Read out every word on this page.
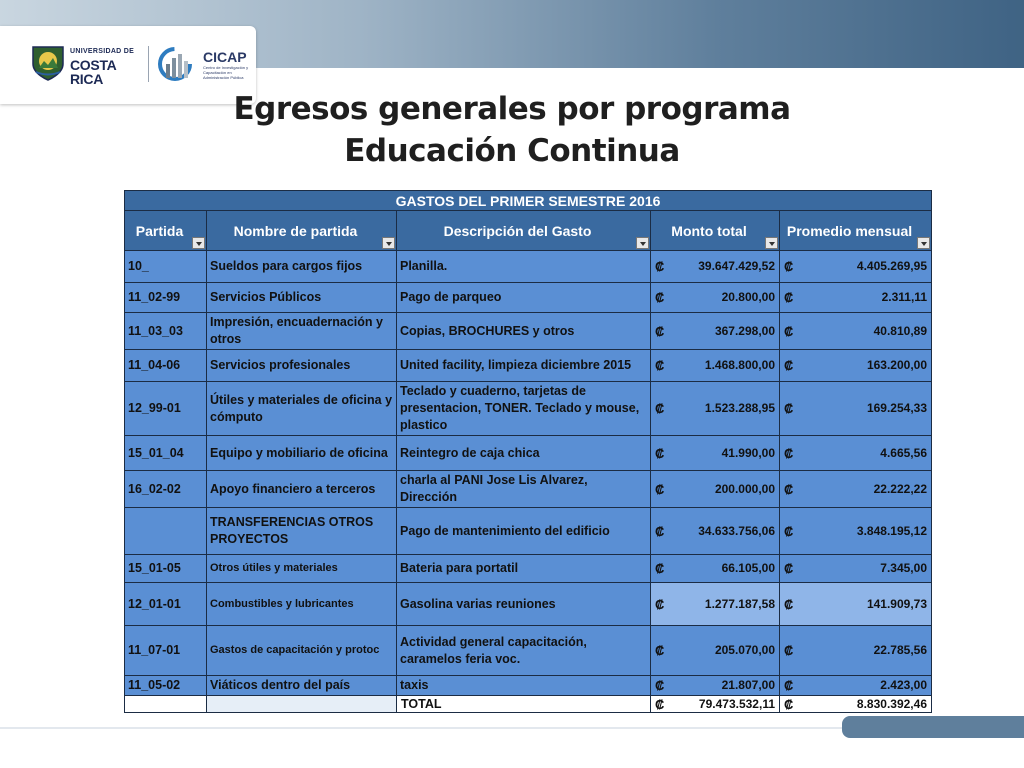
UNIVERSIDAD DE
COSTA RICA
CICAP
Centro de Investigación y Capacitación en Administración Pública
Egresos generales por programa
Educación Continua
GASTOS DEL PRIMER SEMESTRE 2016				
Partida	Nombre de partida	Descripción del Gasto	Monto total	Promedio mensual

10_	Sueldos para cargos fijos	Planilla.	₡ 39.647.429,52	₡ 4.405.269,95

11_02-99	Servicios Públicos	Pago de parqueo	₡ 20.800,00	₡ 2.311,11

11_03_03	Impresión, encuadernación y otros	Copias, BROCHURES y otros	₡ 367.298,00	₡ 40.810,89

11_04-06	Servicios profesionales	United facility, limpieza diciembre 2015	₡ 1.468.800,00	₡ 163.200,00

12_99-01	Útiles y materiales de oficina y cómputo	Teclado y cuaderno, tarjetas de presentacion, TONER. Teclado y mouse, plastico	₡ 1.523.288,95	₡ 169.254,33

15_01_04	Equipo y mobiliario de oficina	Reintegro de caja chica	₡ 41.990,00	₡ 4.665,56

16_02-02	Apoyo financiero a terceros	charla al PANI Jose Lis Alvarez, Dirección	₡ 200.000,00	₡ 22.222,22

	TRANSFERENCIAS OTROS PROYECTOS	Pago de mantenimiento del edificio	₡ 34.633.756,06	₡ 3.848.195,12

15_01-05	Otros útiles y materiales	Bateria para portatil	₡ 66.105,00	₡ 7.345,00

12_01-01	Combustibles y lubricantes	Gasolina varias reuniones	₡ 1.277.187,58	₡ 141.909,73

11_07-01	Gastos de capacitación y protoc	Actividad general capacitación, caramelos feria voc.	₡ 205.070,00	₡ 22.785,56

11_05-02	Viáticos dentro del país	taxis	₡ 21.807,00	₡ 2.423,00

		TOTAL	₡ 79.473.532,11	₡ 8.830.392,46
